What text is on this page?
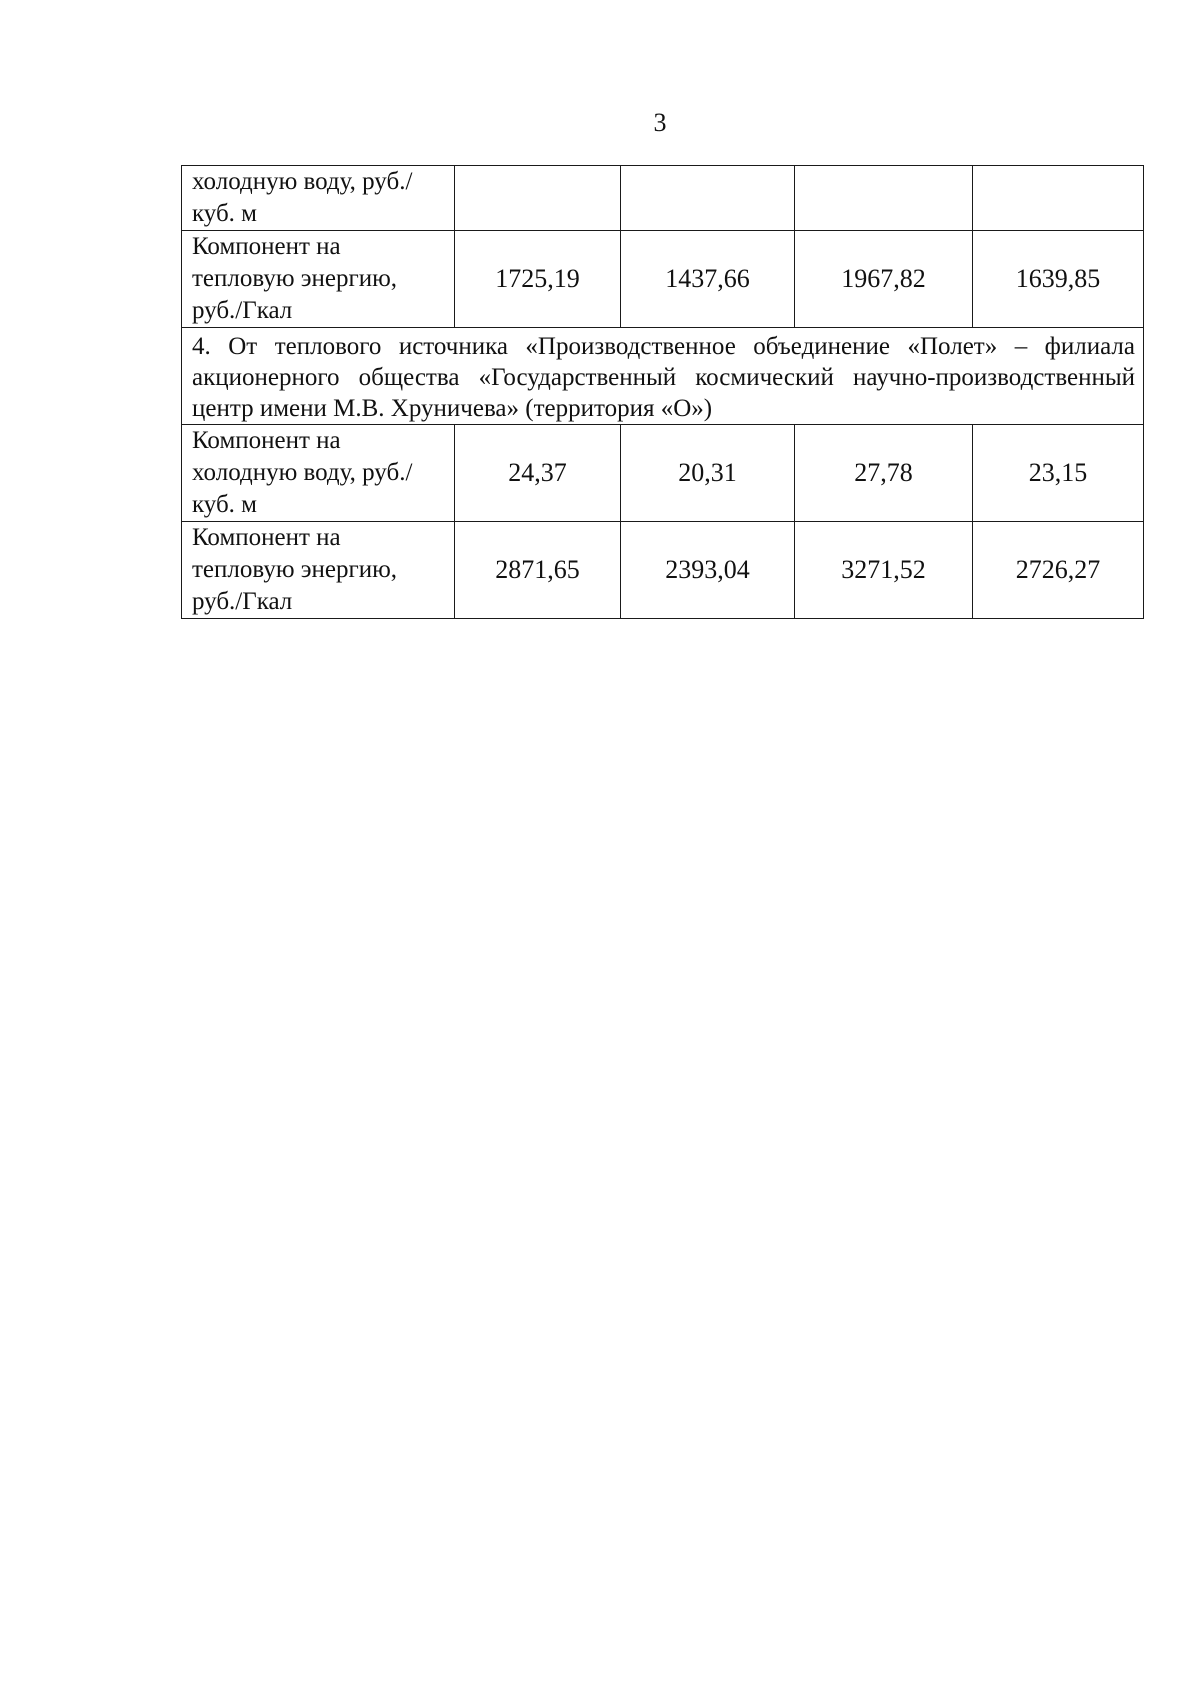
3
холодную воду, руб./ куб. м				
Компонент на тепловую энергию, руб./Гкал	1725,19	1437,66	1967,82	1639,85
4. От теплового источника «Производственное объединение «Полет» – филиала акционерного общества «Государственный космический научно-производственный центр имени М.В. Хруничева» (территория «О»)				
Компонент на холодную воду, руб./ куб. м	24,37	20,31	27,78	23,15
Компонент на тепловую энергию, руб./Гкал	2871,65	2393,04	3271,52	2726,27
